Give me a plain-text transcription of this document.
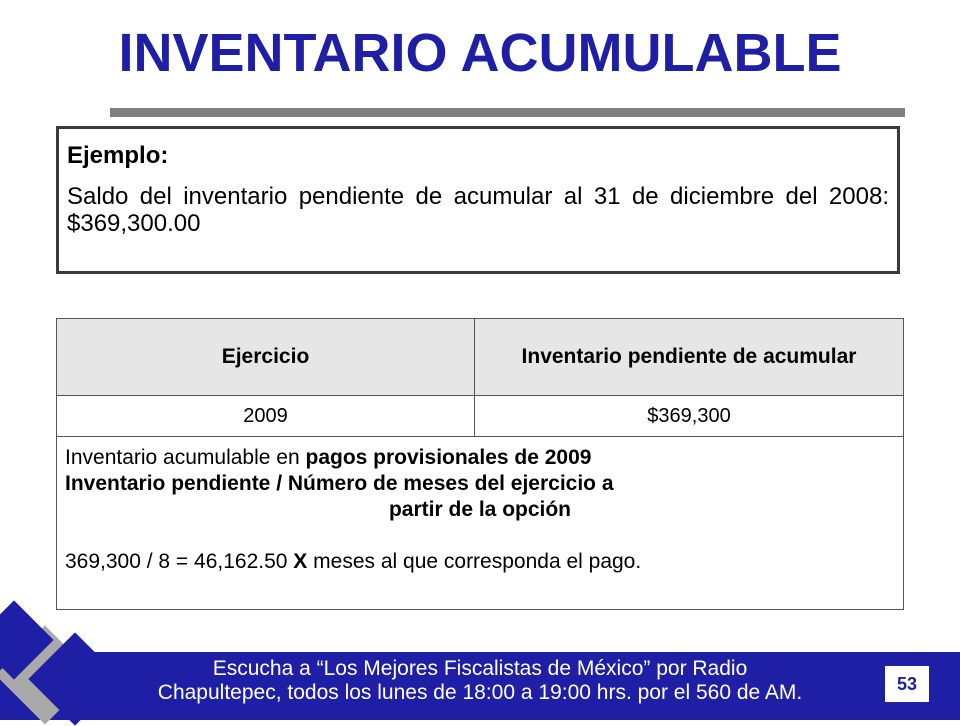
INVENTARIO ACUMULABLE
Ejemplo:
Saldo del inventario pendiente de acumular al 31 de diciembre del 2008: $369,300.00
Ejercicio	Inventario pendiente de acumular
2009	$369,300

Inventario acumulable en pagos provisionales de 2009
Inventario pendiente / Número de meses del ejercicio a
partir de la opción
369,300 / 8 = 46,162.50 X meses al que corresponda el pago.	
Escucha a “Los Mejores Fiscalistas de México” por Radio
Chapultepec, todos los lunes de 18:00 a 19:00 hrs. por el 560 de AM.	53
